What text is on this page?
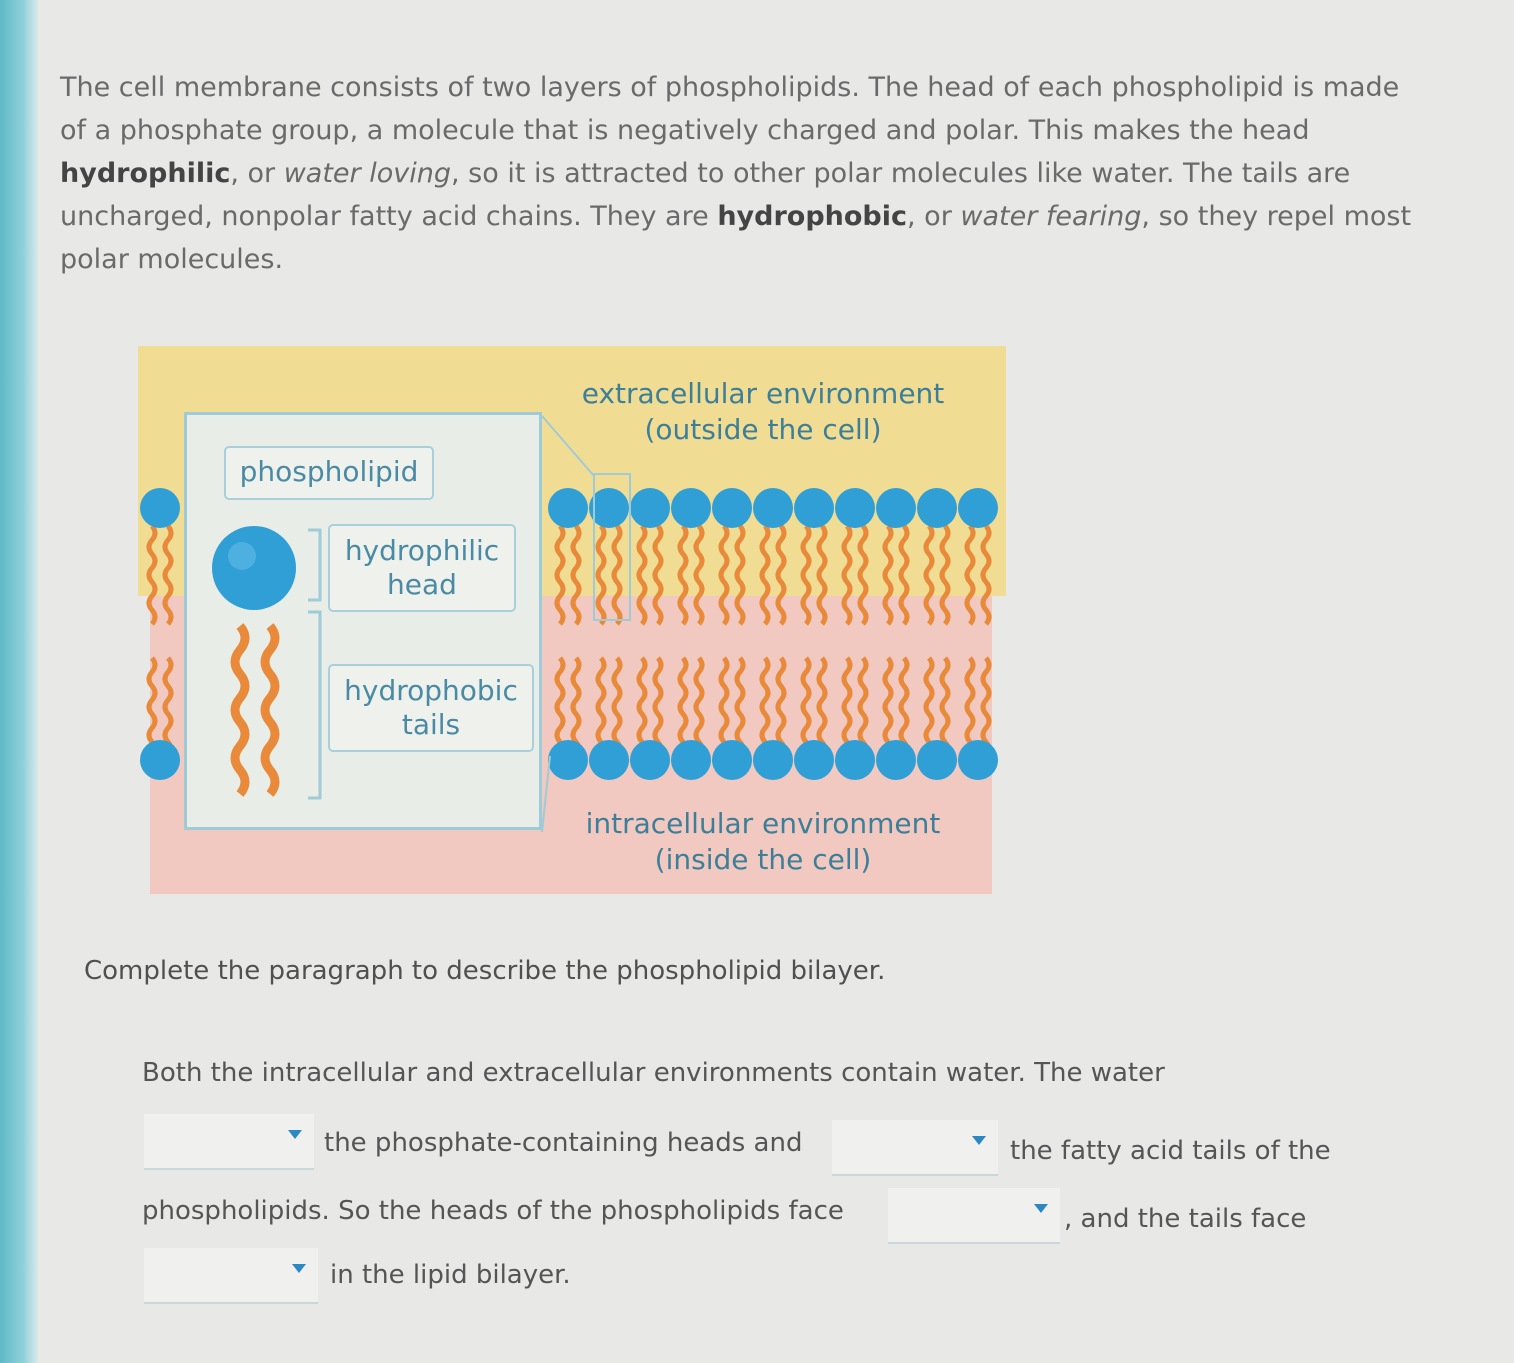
The cell membrane consists of two layers of phospholipids. The head of each phospholipid is made of a phosphate group, a molecule that is negatively charged and polar. This makes the head hydrophilic, or water loving, so it is attracted to other polar molecules like water. The tails are uncharged, nonpolar fatty acid chains. They are hydrophobic, or water fearing, so they repel most polar molecules.

phospholipid
hydrophilic
head
hydrophobic
tails
extracellular environment
(outside the cell)
intracellular environment
(inside the cell)

Complete the paragraph to describe the phospholipid bilayer.

Both the intracellular and extracellular environments contain water. The water
the phosphate-containing heads and	the fatty acid tails of the
phospholipids. So the heads of the phospholipids face	, and the tails face
in the lipid bilayer.
